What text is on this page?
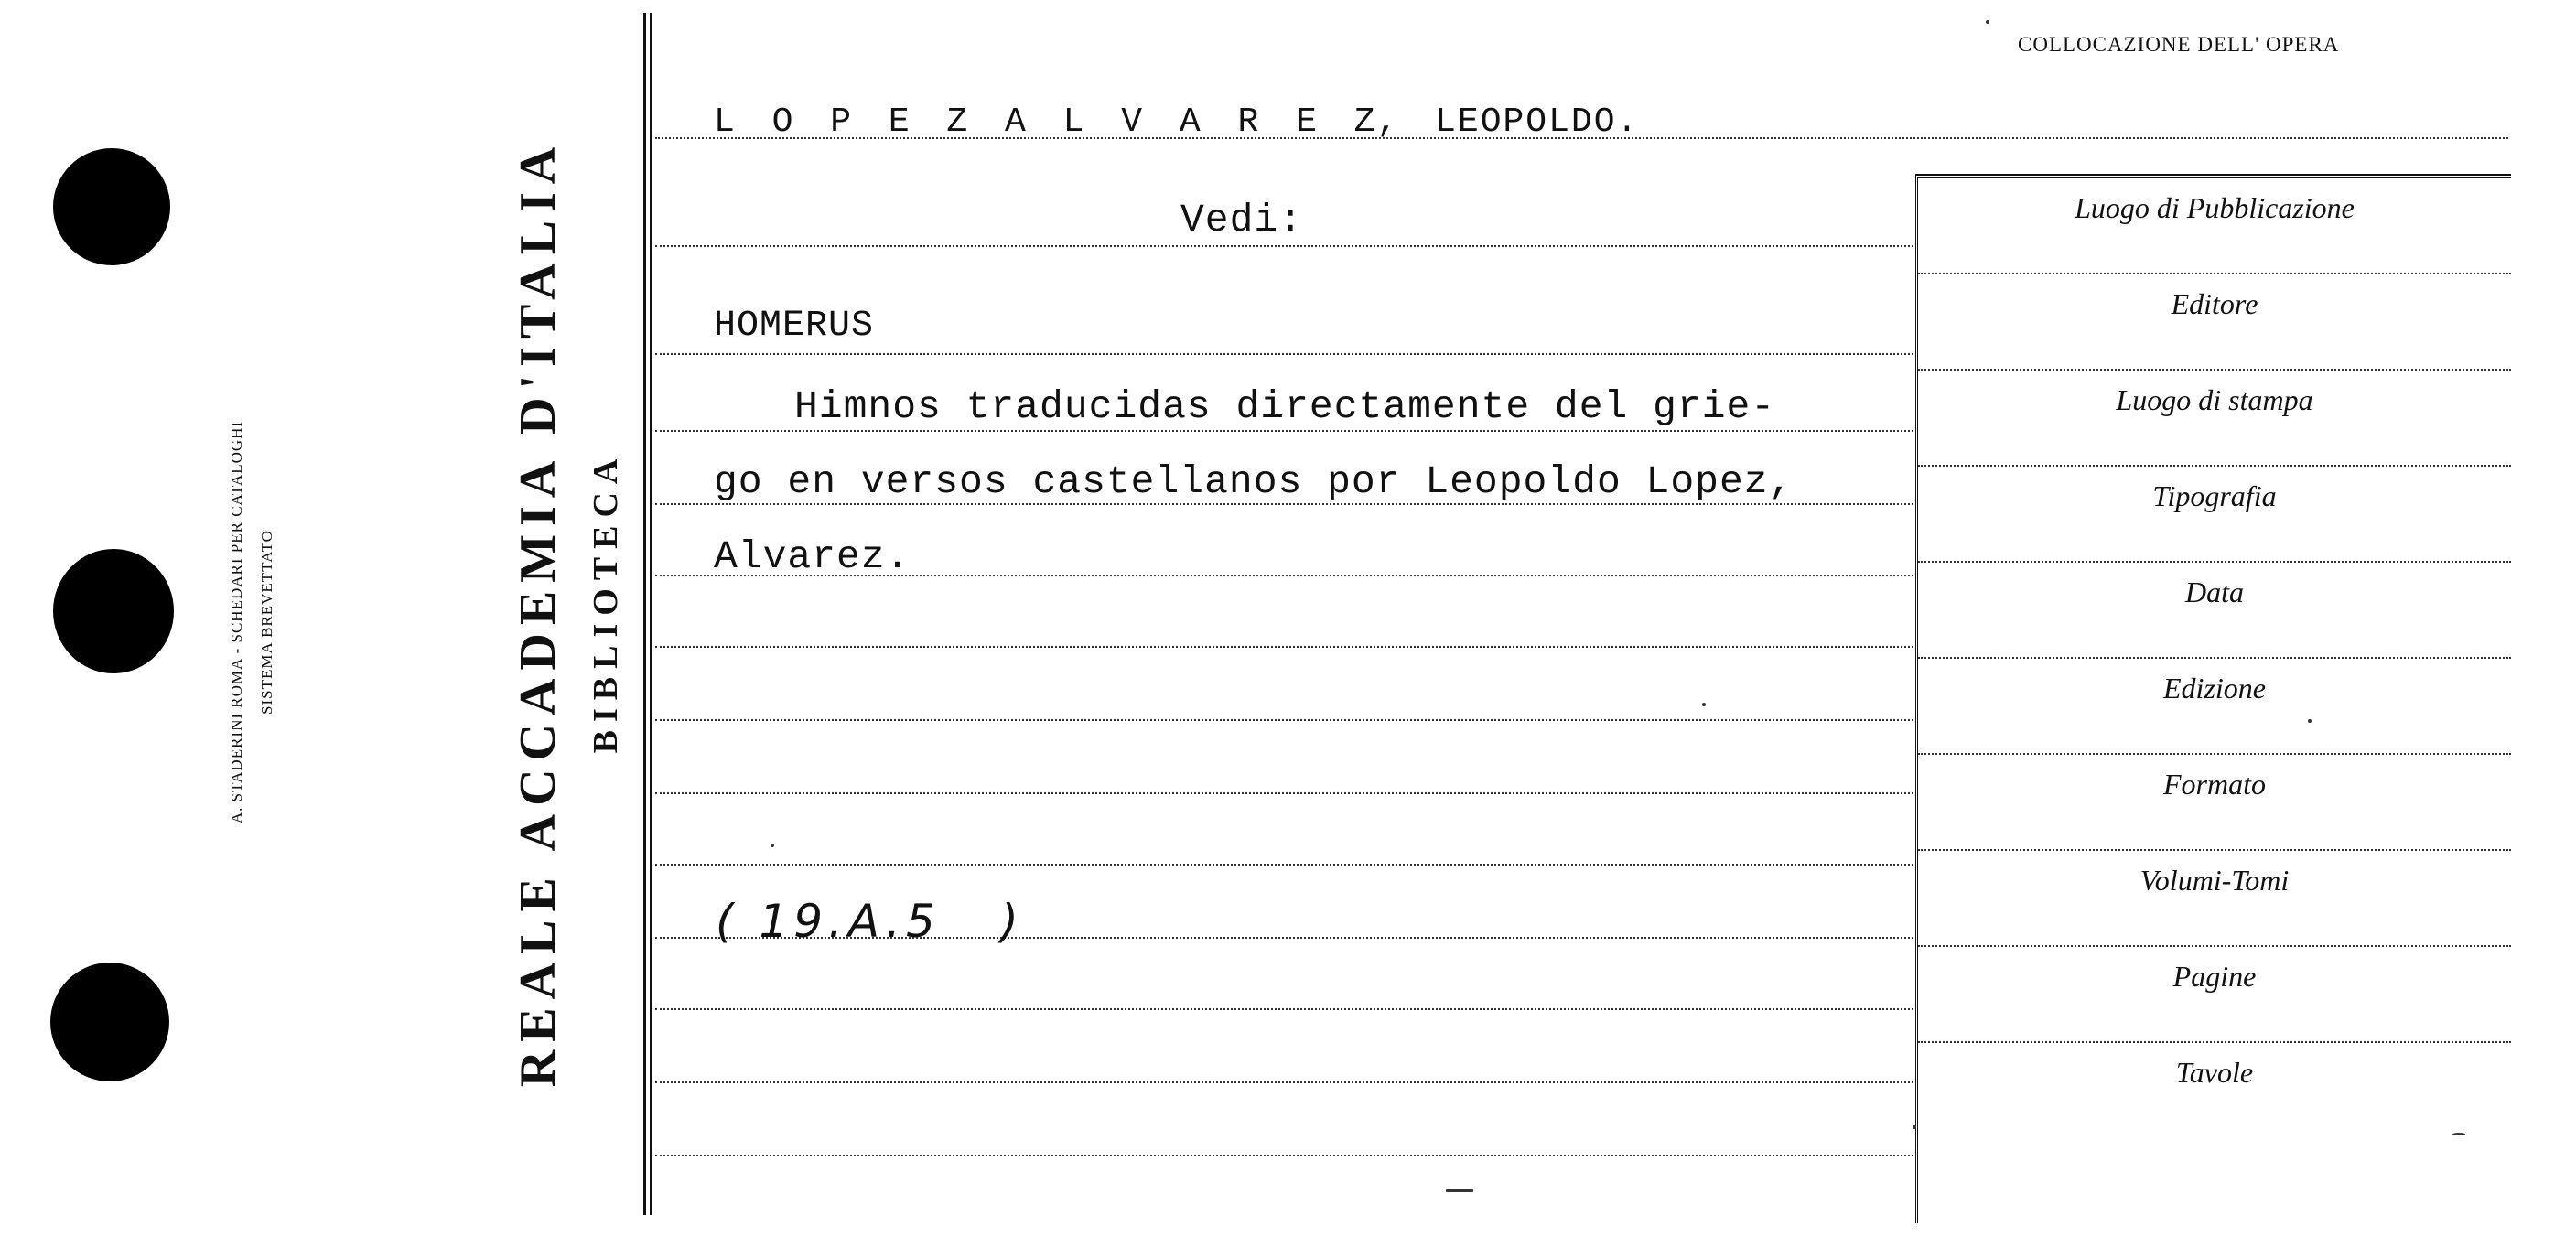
A. STADERINI ROMA - SCHEDARI PER CATALOGHI SISTEMA BREVETTATO	REALE ACCADEMIA D'ITALIA BIBLIOTECA
COLLOCAZIONE DELL' OPERA
L O P E Z A L V A R E Z, LEOPOLDO.
Vedi:
HOMERUS
Himnos traducidas directamente del grie-
go en versos castellanos por Leopoldo Lopez,
Alvarez.
( 19.A.5   )
Luogo di Pubblicazione
Editore
Luogo di stampa
Tipografia
Data
Edizione
Formato
Volumi-Tomi
Pagine
Tavole
